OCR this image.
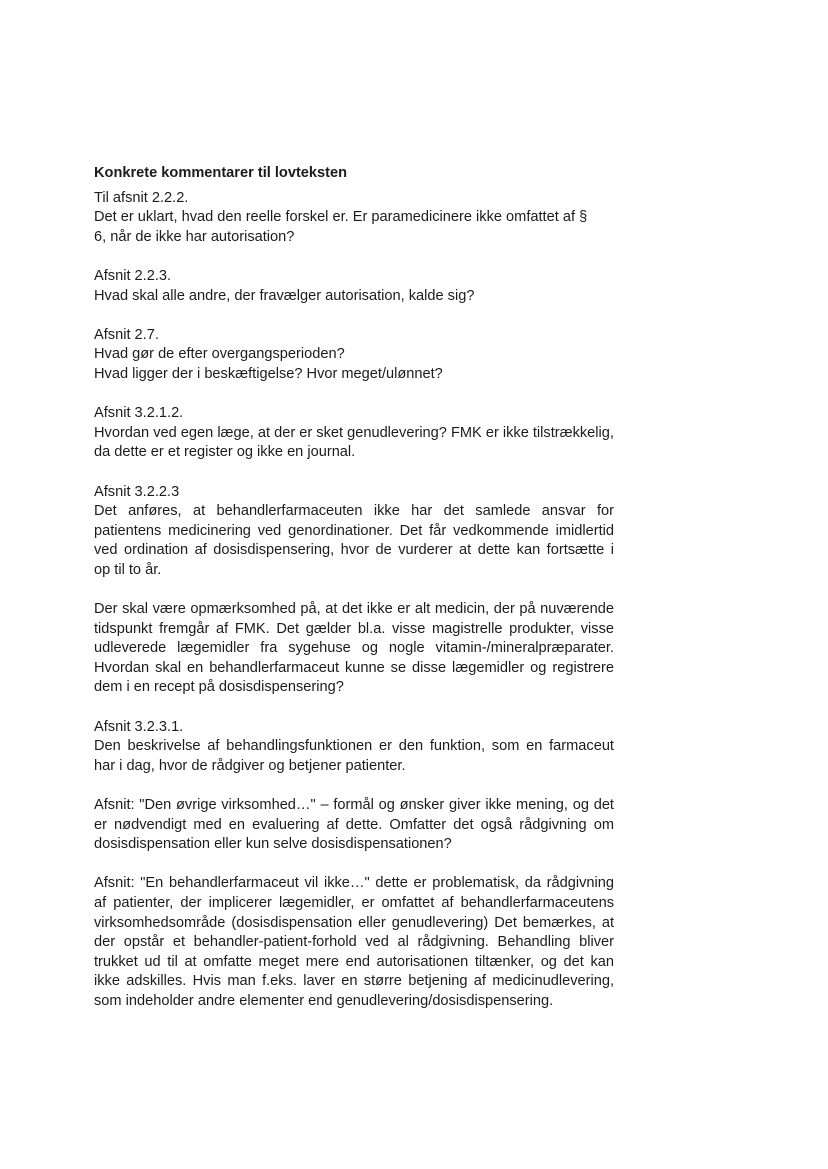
Konkrete kommentarer til lovteksten
Til afsnit 2.2.2.
Det er uklart, hvad den reelle forskel er. Er paramedicinere ikke omfattet af §
6, når de ikke har autorisation?
Afsnit 2.2.3.
Hvad skal alle andre, der fravælger autorisation, kalde sig?
Afsnit 2.7.
Hvad gør de efter overgangsperioden?
Hvad ligger der i beskæftigelse? Hvor meget/ulønnet?
Afsnit 3.2.1.2.
Hvordan ved egen læge, at der er sket genudlevering? FMK er ikke tilstrækkelig,
da dette er et register og ikke en journal.
Afsnit 3.2.2.3
Det anføres, at behandlerfarmaceuten ikke har det samlede ansvar for
patientens medicinering ved genordinationer. Det får vedkommende imidlertid
ved ordination af dosisdispensering, hvor de vurderer at dette kan fortsætte i
op til to år.
Der skal være opmærksomhed på, at det ikke er alt medicin, der på nuværende
tidspunkt fremgår af FMK. Det gælder bl.a. visse magistrelle produkter, visse
udleverede lægemidler fra sygehuse og nogle vitamin-/mineralpræparater.
Hvordan skal en behandlerfarmaceut kunne se disse lægemidler og registrere
dem i en recept på dosisdispensering?
Afsnit 3.2.3.1.
Den beskrivelse af behandlingsfunktionen er den funktion, som en farmaceut
har i dag, hvor de rådgiver og betjener patienter.
Afsnit: "Den øvrige virksomhed…" – formål og ønsker giver ikke mening, og det
er nødvendigt med en evaluering af dette. Omfatter det også rådgivning om
dosisdispensation eller kun selve dosisdispensationen?
Afsnit: "En behandlerfarmaceut vil ikke…" dette er problematisk, da rådgivning
af patienter, der implicerer lægemidler, er omfattet af behandlerfarmaceutens
virksomhedsområde (dosisdispensation eller genudlevering) Det bemærkes, at
der opstår et behandler-patient-forhold ved al rådgivning. Behandling bliver
trukket ud til at omfatte meget mere end autorisationen tiltænker, og det kan
ikke adskilles. Hvis man f.eks. laver en større betjening af medicinudlevering,
som indeholder andre elementer end genudlevering/dosisdispensering.
